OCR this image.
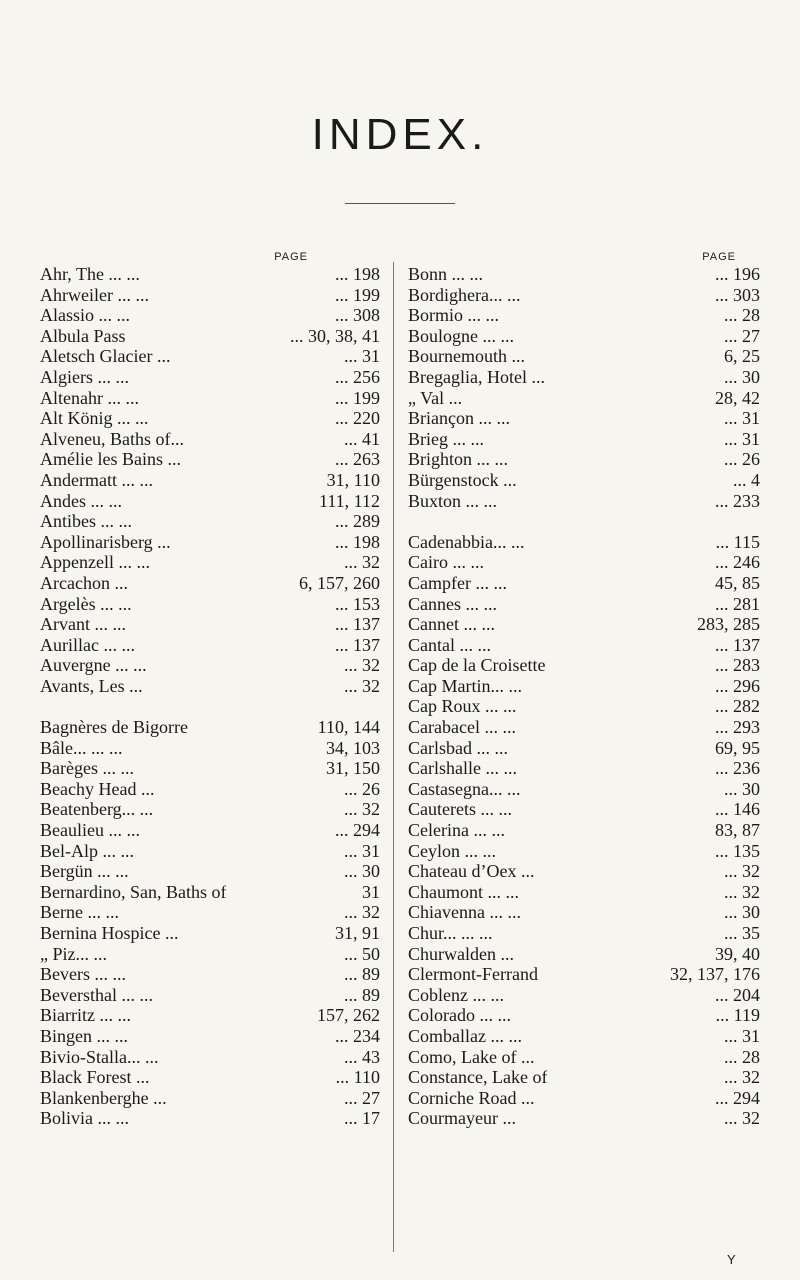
INDEX.
PAGE
Ahr, The ... ...	... 198
Ahrweiler ... ...	... 199
Alassio ... ...	... 308
Albula Pass	... 30, 38, 41
Aletsch Glacier ...	... 31
Algiers ... ...	... 256
Altenahr ... ...	... 199
Alt König ... ...	... 220
Alveneu, Baths of...	... 41
Amélie les Bains ...	... 263
Andermatt ... ...	31, 110
Andes ... ...	111, 112
Antibes ... ...	... 289
Apollinarisberg ...	... 198
Appenzell ... ...	... 32
Arcachon ...	6, 157, 260
Argelès ... ...	... 153
Arvant ... ...	... 137
Aurillac ... ...	... 137
Auvergne ... ...	... 32
Avants, Les ...	... 32
Bagnères de Bigorre	110, 144
Bâle... ... ...	34, 103
Barèges ... ...	31, 150
Beachy Head ...	... 26
Beatenberg... ...	... 32
Beaulieu ... ...	... 294
Bel-Alp ... ...	... 31
Bergün ... ...	... 30
Bernardino, San, Baths of	31
Berne ... ...	... 32
Bernina Hospice ...	31, 91
„ Piz... ...	... 50
Bevers ... ...	... 89
Beversthal ... ...	... 89
Biarritz ... ...	157, 262
Bingen ... ...	... 234
Bivio-Stalla... ...	... 43
Black Forest ...	... 110
Blankenberghe ...	... 27
Bolivia ... ...	... 17
PAGE
Bonn ... ...	... 196
Bordighera... ...	... 303
Bormio ... ...	... 28
Boulogne ... ...	... 27
Bournemouth ...	6, 25
Bregaglia, Hotel ...	... 30
„ Val ...	28, 42
Briançon ... ...	... 31
Brieg ... ...	... 31
Brighton ... ...	... 26
Bürgenstock ...	... 4
Buxton ... ...	... 233
Cadenabbia... ...	... 115
Cairo ... ...	... 246
Campfer ... ...	45, 85
Cannes ... ...	... 281
Cannet ... ...	283, 285
Cantal ... ...	... 137
Cap de la Croisette	... 283
Cap Martin... ...	... 296
Cap Roux ... ...	... 282
Carabacel ... ...	... 293
Carlsbad ... ...	69, 95
Carlshalle ... ...	... 236
Castasegna... ...	... 30
Cauterets ... ...	... 146
Celerina ... ...	83, 87
Ceylon ... ...	... 135
Chateau d’Oex ...	... 32
Chaumont ... ...	... 32
Chiavenna ... ...	... 30
Chur... ... ...	... 35
Churwalden ...	39, 40
Clermont-Ferrand	32, 137, 176
Coblenz ... ...	... 204
Colorado ... ...	... 119
Comballaz ... ...	... 31
Como, Lake of ...	... 28
Constance, Lake of	... 32
Corniche Road ...	... 294
Courmayeur ...	... 32
Y
